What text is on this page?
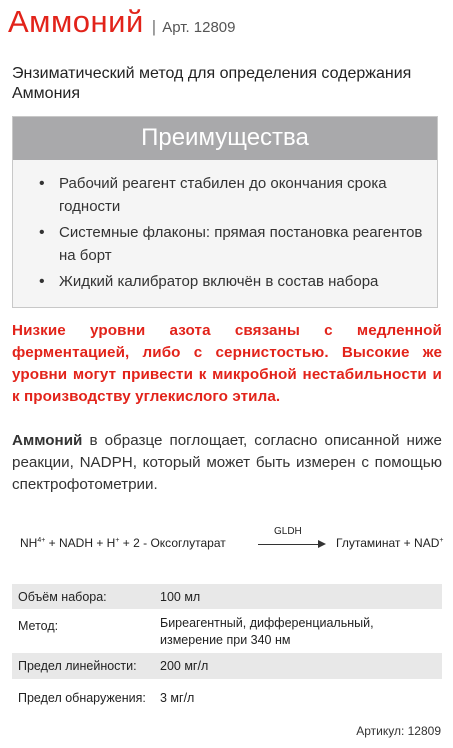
Аммоний | Арт. 12809
Энзиматический метод для определения содержания Аммония
Преимущества
• Рабочий реагент стабилен до окончания срока годности
• Системные флаконы: прямая постановка реагентов на борт
• Жидкий калибратор включён в состав набора
Низкие уровни азота связаны с медленной ферментацией, либо с сернистостью. Высокие же уровни могут привести к микробной нестабильности и к производству углекислого этила.
Аммоний в образце поглощает, согласно описанной ниже реакции, NADPH, который может быть измерен с помощью спектрофотометрии.
$NH^{4+}$ + NADH + H+ + 2 - Оксоглутарат
GLDH
Глутаминат + NAD+
Объём набора:	100 мл
Метод:	Биреагентный, дифференциальный, измерение при 340 нм
Предел линейности:	200 мг/л
Предел обнаружения:	3 мг/л
Артикул: 12809
